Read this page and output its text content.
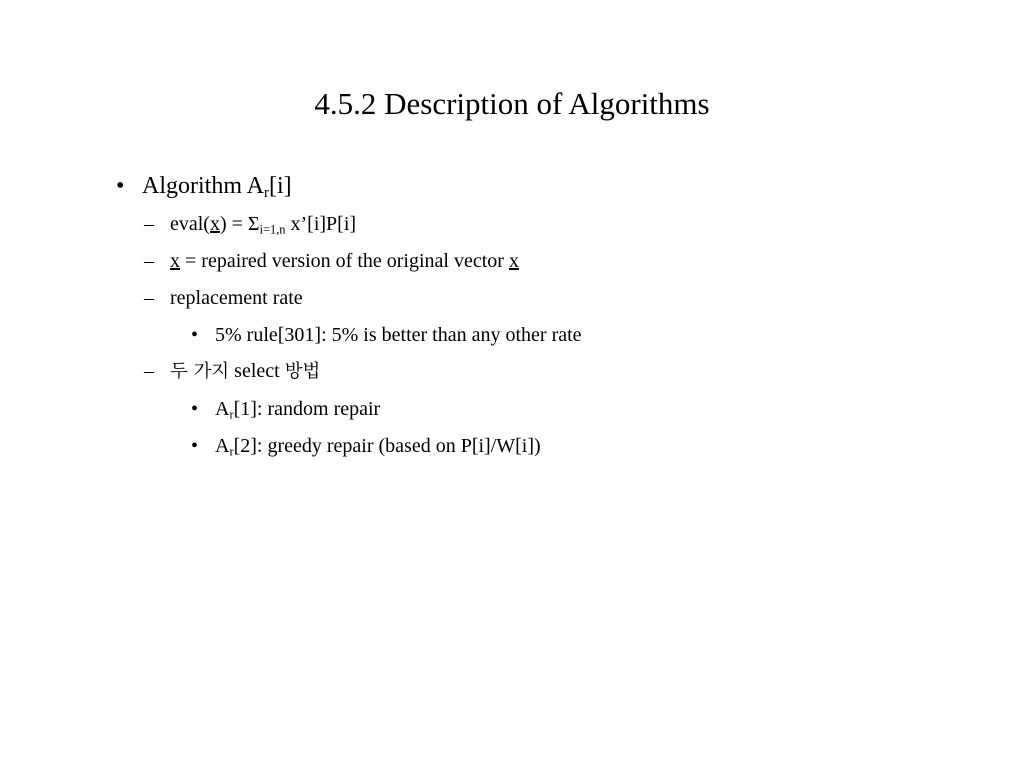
4.5.2 Description of Algorithms
• Algorithm $A_r[i]$
– eval(x) = $\Sigma_{i=1,n}$ x’[i]P[i]
– x = repaired version of the original vector x
– replacement rate
• 5% rule[301]: 5% is better than any other rate
– 두 가지 select 방법
• $A_r[1]$: random repair
• $A_r[2]$: greedy repair (based on P[i]/W[i])
